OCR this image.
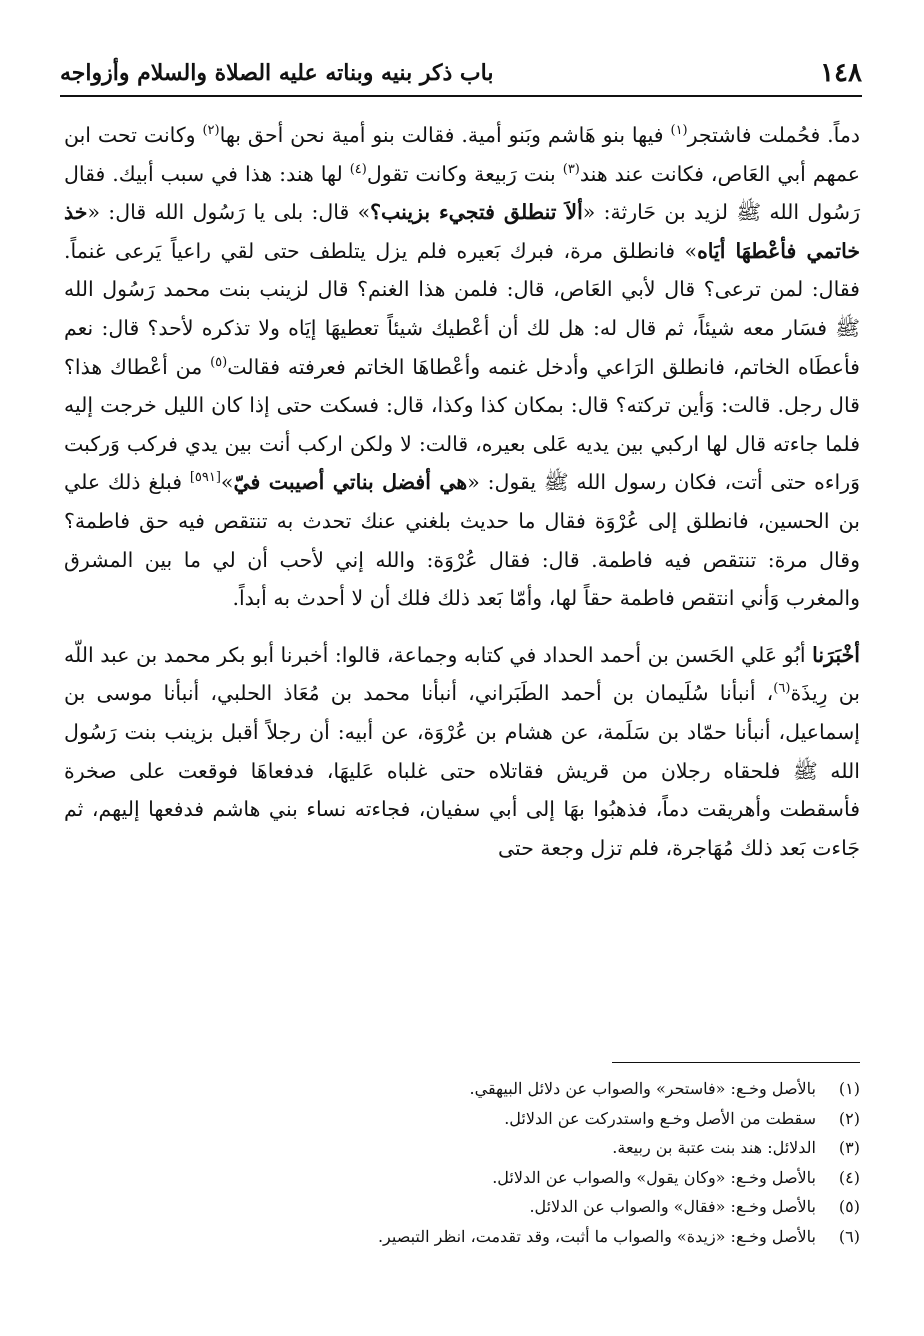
١٤٨
باب ذكر بنيه وبناته عليه الصلاة والسلام وأزواجه

دماً. فحُملت فاشتجر$^{(١)}$ فيها بنو هَاشم وبَنو أمية. فقالت بنو أمية نحن أحق بها$^{(٢)}$ وكانت تحت ابن عمهم أبي العَاص، فكانت عند هند$^{(٣)}$ بنت رَبيعة وكانت تقول$^{(٤)}$ لها هند: هذا في سبب أبيك. فقال رَسُول الله ﷺ لزيد بن حَارثة: «ألاَ تنطلق فتجيء بزينب؟» قال: بلى يا رَسُول الله قال: «خذ خاتمي فأعْطهَا أيَاه» فانطلق مرة، فبرك بَعيره فلم يزل يتلطف حتى لقي راعياً يَرعى غنماً. فقال: لمن ترعى؟ قال لأبي العَاص، قال: فلمن هذا الغنم؟ قال لزينب بنت محمد رَسُول الله ﷺ فسَار معه شيئاً، ثم قال له: هل لك أن أعْطيك شيئاً تعطيهَا إيَاه ولا تذكره لأحد؟ قال: نعم فأعطَاه الخاتم، فانطلق الرَاعي وأدخل غنمه وأعْطاهَا الخاتم فعرفته فقالت$^{(٥)}$ من أعْطاك هذا؟ قال رجل. قالت: وَأين تركته؟ قال: بمكان كذا وكذا، قال: فسكت حتى إذا كان الليل خرجت إليه فلما جاءته قال لها اركبي بين يديه عَلى بعيره، قالت: لا ولكن اركب أنت بين يدي فركب وَركبت وَراءه حتى أتت، فكان رسول الله ﷺ يقول: «هي أفضل بناتي أصيبت فيّ»[٥٩١] فبلغ ذلك علي بن الحسين، فانطلق إلى عُرْوَة فقال ما حديث بلغني عنك تحدث به تنتقص فيه حق فاطمة؟ وقال مرة: تنتقص فيه فاطمة. قال: فقال عُرْوَة: والله إني لأحب أن لي ما بين المشرق والمغرب وَأني انتقص فاطمة حقاً لها، وأمّا بَعد ذلك فلك أن لا أحدث به أبداً.

أخْبَرَنا أبُو عَلي الحَسن بن أحمد الحداد في كتابه وجماعة، قالوا: أخبرنا أبو بكر محمد بن عبد اللّه بن رِيذَة$^{(٦)}$، أنبأنا سُلَيمان بن أحمد الطَبَراني، أنبأنا محمد بن مُعَاذ الحلبي، أنبأنا موسى بن إسماعيل، أنبأنا حمّاد بن سَلَمة، عن هشام بن عُرْوَة، عن أبيه: أن رجلاً أقبل بزينب بنت رَسُول الله ﷺ فلحقاه رجلان من قريش فقاتلاه حتى غلباه عَليهَا، فدفعاهَا فوقعت على صخرة فأسقطت وأهريقت دماً، فذهبُوا بهَا إلى أبي سفيان، فجاءته نساء بني هاشم فدفعها إليهم، ثم جَاءت بَعد ذلك مُهَاجرة، فلم تزل وجعة حتى

(١)
بالأصل وخـع: «فاستحر» والصواب عن دلائل البيهقي.
(٢)
سقطت من الأصل وخـع واستدركت عن الدلائل.
(٣)
الدلائل: هند بنت عتبة بن ربيعة.
(٤)
بالأصل وخـع: «وكان يقول» والصواب عن الدلائل.
(٥)
بالأصل وخـع: «فقال» والصواب عن الدلائل.
(٦)
بالأصل وخـع: «زيدة» والصواب ما أثبت، وقد تقدمت، انظر التبصير.
